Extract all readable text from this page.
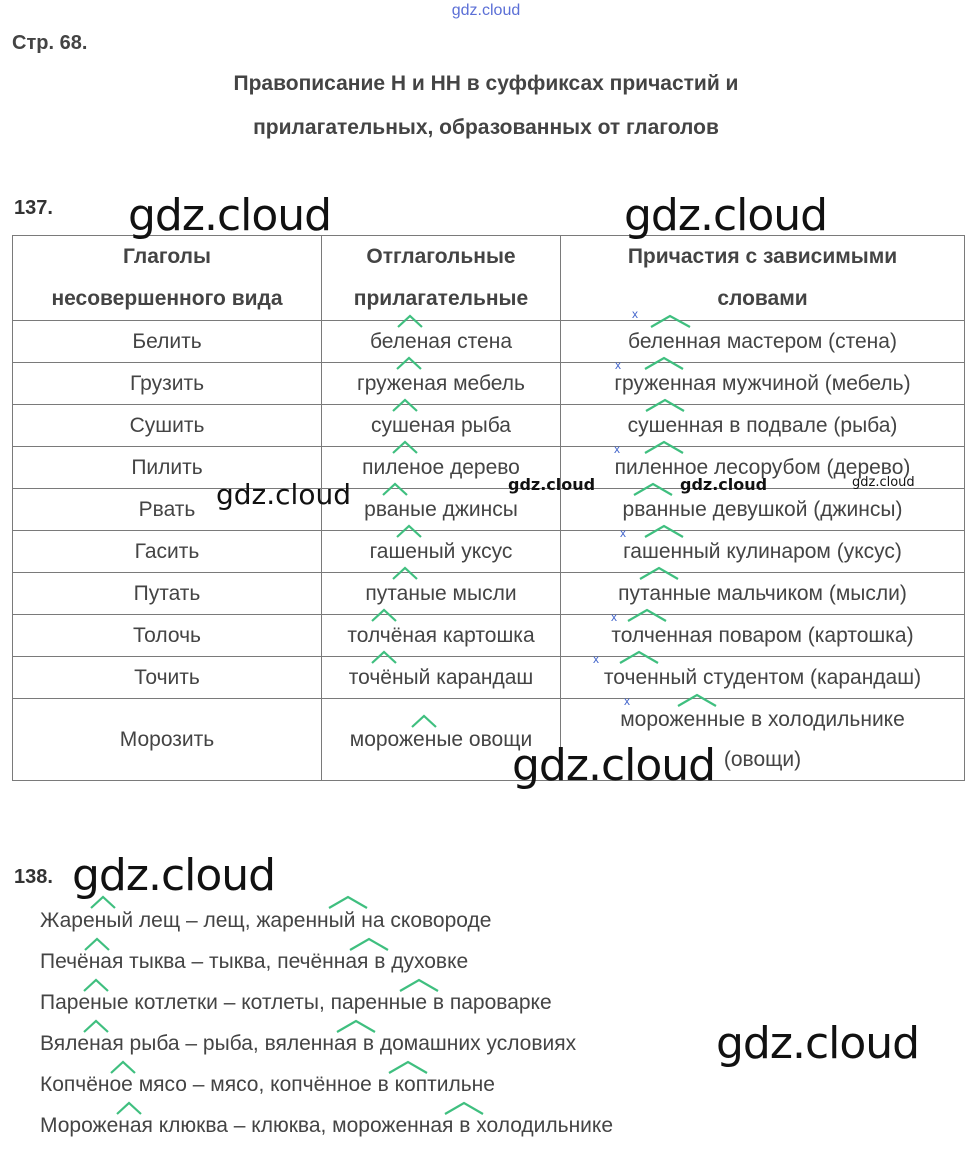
gdz.cloud
Стр. 68.
Правописание Н и НН в суффиксах причастий и
прилагательных, образованных от глаголов
137.
Глаголы
несовершенного вида	Отглагольные
прилагательные	Причастия с зависимыми
словами
Белить	беленая стена	беленная мастером (стена)
Грузить	груженая мебель	груженная мужчиной (мебель)
Сушить	сушеная рыба	сушенная в подвале (рыба)
Пилить	пиленое дерево	пиленное лесорубом (дерево)
Рвать	рваные джинсы	рванные девушкой (джинсы)
Гасить	гашеный уксус	гашенный кулинаром (уксус)
Путать	путаные мысли	путанные мальчиком (мысли)
Толочь	толчёная картошка	толченная поваром (картошка)
Точить	точёный карандаш	точенный студентом (карандаш)
Морозить	мороженые овощи	мороженные в холодильнике
(овощи)
x
x
x
x
x
x
x
138.
Жареный лещ – лещ, жаренный на сковороде
Печёная тыква – тыква, печённая в духовке
Пареные котлетки – котлеты, паренные в пароварке
Вяленая рыба – рыба, вяленная в домашних условиях
Копчёное мясо – мясо, копчённое в коптильне
Мороженая клюква – клюква, мороженная в холодильнике
gdz.cloud	gdz.cloud
gdz.cloud	gdz.cloud	gdz.cloud	gdz.cloud
gdz.cloud
gdz.cloud
gdz.cloud
